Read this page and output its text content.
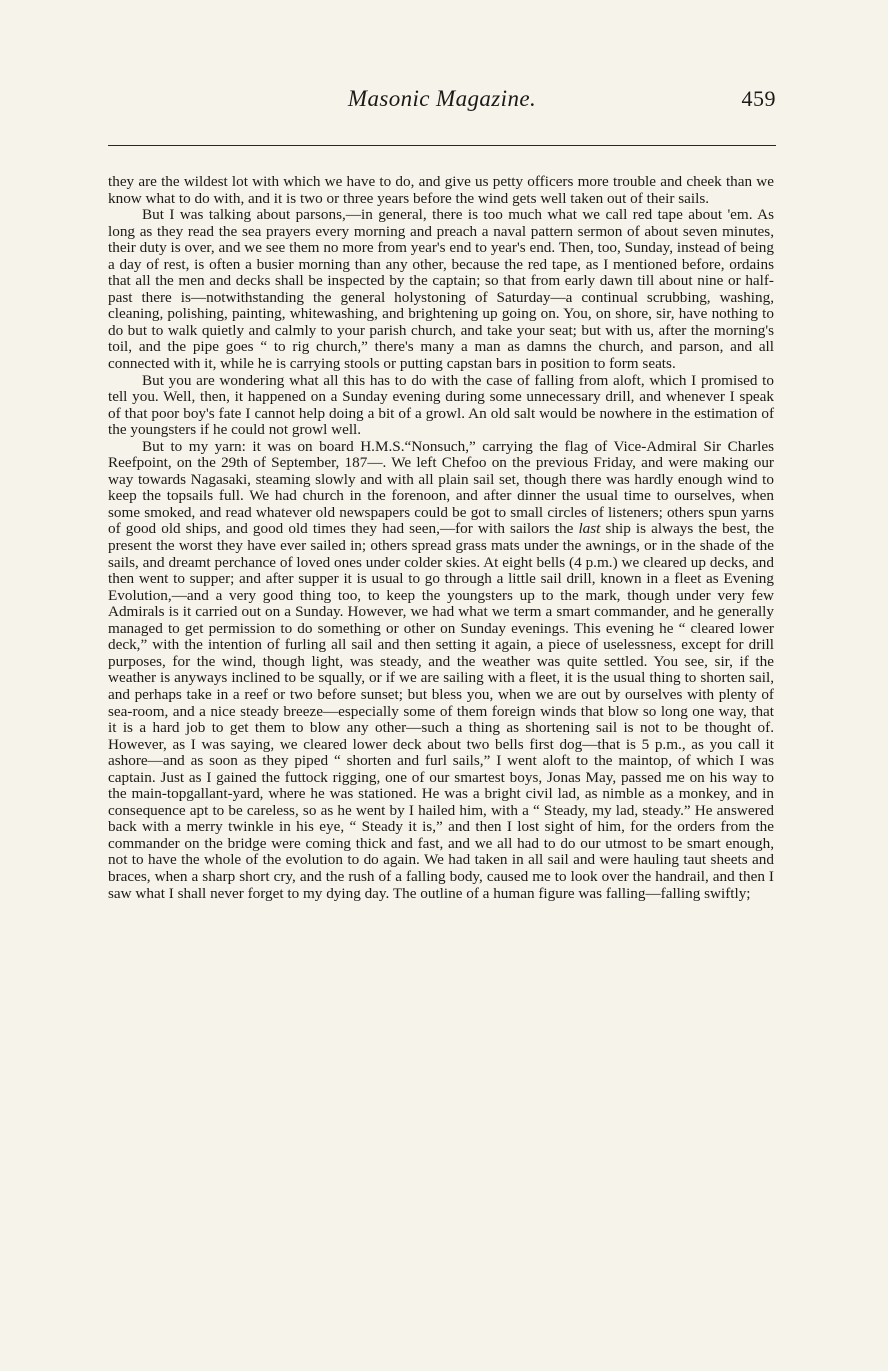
Masonic Magazine.	459

they are the wildest lot with which we have to do, and give us petty officers more trouble and cheek than we know what to do with, and it is two or three years before the wind gets well taken out of their sails.

But I was talking about parsons,—in general, there is too much what we call red tape about 'em. As long as they read the sea prayers every morning and preach a naval pattern sermon of about seven minutes, their duty is over, and we see them no more from year's end to year's end. Then, too, Sunday, instead of being a day of rest, is often a busier morning than any other, because the red tape, as I mentioned before, ordains that all the men and decks shall be inspected by the captain; so that from early dawn till about nine or half-past there is—notwithstanding the general holystoning of Saturday—a continual scrubbing, washing, cleaning, polishing, painting, whitewashing, and brightening up going on. You, on shore, sir, have nothing to do but to walk quietly and calmly to your parish church, and take your seat; but with us, after the morning's toil, and the pipe goes “ to rig church,” there's many a man as damns the church, and parson, and all connected with it, while he is carrying stools or putting capstan bars in position to form seats.

But you are wondering what all this has to do with the case of falling from aloft, which I promised to tell you. Well, then, it happened on a Sunday evening during some unnecessary drill, and whenever I speak of that poor boy's fate I cannot help doing a bit of a growl. An old salt would be nowhere in the estimation of the youngsters if he could not growl well.

But to my yarn: it was on board H.M.S.“Nonsuch,” carrying the flag of Vice-Admiral Sir Charles Reefpoint, on the 29th of September, 187—. We left Chefoo on the previous Friday, and were making our way towards Nagasaki, steaming slowly and with all plain sail set, though there was hardly enough wind to keep the topsails full. We had church in the forenoon, and after dinner the usual time to ourselves, when some smoked, and read whatever old newspapers could be got to small circles of listeners; others spun yarns of good old ships, and good old times they had seen,—for with sailors the last ship is always the best, the present the worst they have ever sailed in; others spread grass mats under the awnings, or in the shade of the sails, and dreamt perchance of loved ones under colder skies. At eight bells (4 p.m.) we cleared up decks, and then went to supper; and after supper it is usual to go through a little sail drill, known in a fleet as Evening Evolution,—and a very good thing too, to keep the youngsters up to the mark, though under very few Admirals is it carried out on a Sunday. However, we had what we term a smart commander, and he generally managed to get permission to do something or other on Sunday evenings. This evening he “ cleared lower deck,” with the intention of furling all sail and then setting it again, a piece of uselessness, except for drill purposes, for the wind, though light, was steady, and the weather was quite settled. You see, sir, if the weather is anyways inclined to be squally, or if we are sailing with a fleet, it is the usual thing to shorten sail, and perhaps take in a reef or two before sunset; but bless you, when we are out by ourselves with plenty of sea-room, and a nice steady breeze—especially some of them foreign winds that blow so long one way, that it is a hard job to get them to blow any other—such a thing as shortening sail is not to be thought of. However, as I was saying, we cleared lower deck about two bells first dog—that is 5 p.m., as you call it ashore—and as soon as they piped “ shorten and furl sails,” I went aloft to the maintop, of which I was captain. Just as I gained the futtock rigging, one of our smartest boys, Jonas May, passed me on his way to the main-topgallant-yard, where he was stationed. He was a bright civil lad, as nimble as a monkey, and in consequence apt to be careless, so as he went by I hailed him, with a “ Steady, my lad, steady.” He answered back with a merry twinkle in his eye, “ Steady it is,” and then I lost sight of him, for the orders from the commander on the bridge were coming thick and fast, and we all had to do our utmost to be smart enough, not to have the whole of the evolution to do again. We had taken in all sail and were hauling taut sheets and braces, when a sharp short cry, and the rush of a falling body, caused me to look over the handrail, and then I saw what I shall never forget to my dying day. The outline of a human figure was falling—falling swiftly;
